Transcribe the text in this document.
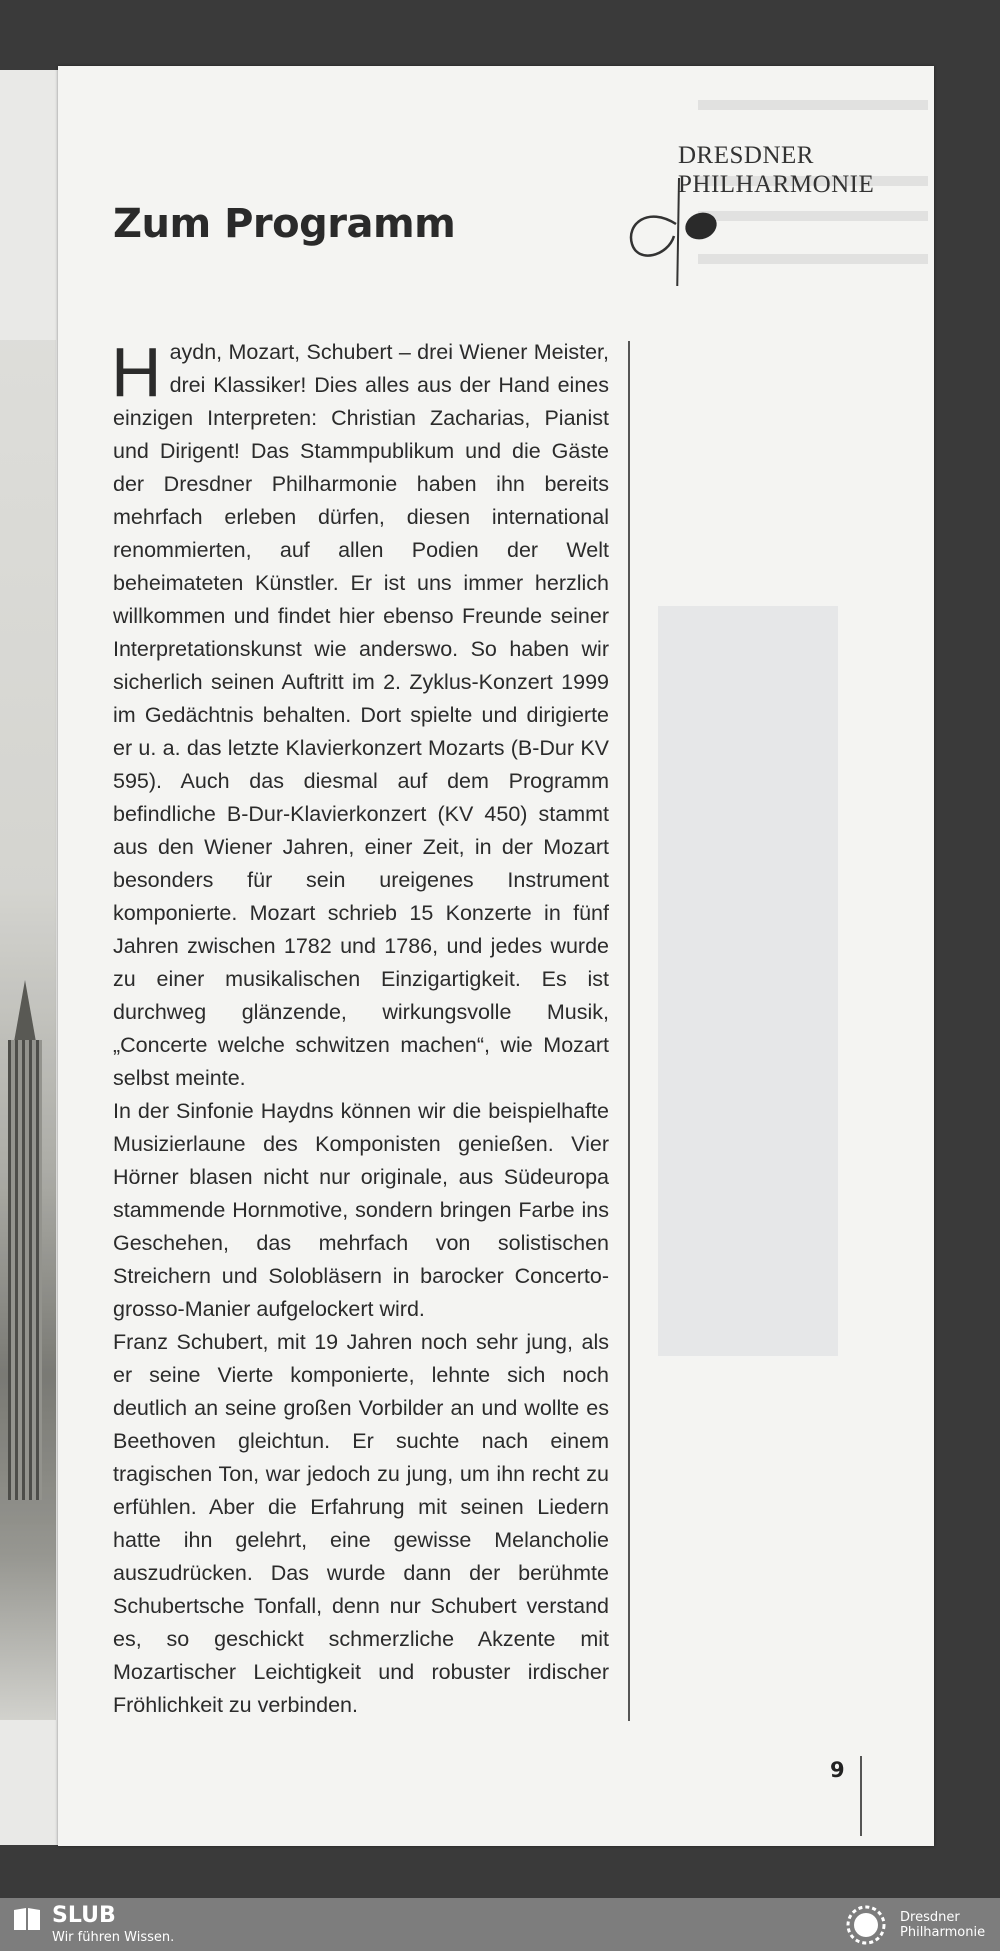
DRESDNER
PHILHARMONIE
Zum Programm

Haydn, Mozart, Schubert – drei Wiener Meister, drei Klassiker! Dies alles aus der Hand eines einzigen Interpreten: Christian Zacharias, Pianist und Dirigent! Das Stammpublikum und die Gäste der Dresdner Philharmonie haben ihn bereits mehrfach erleben dürfen, diesen international renommierten, auf allen Podien der Welt beheimateten Künstler. Er ist uns immer herzlich willkommen und findet hier ebenso Freunde seiner Interpretationskunst wie anderswo. So haben wir sicherlich seinen Auftritt im 2. Zyklus-Konzert 1999 im Gedächtnis behalten. Dort spielte und dirigierte er u. a. das letzte Klavierkonzert Mozarts (B-Dur KV 595). Auch das diesmal auf dem Programm befindliche B-Dur-Klavierkonzert (KV 450) stammt aus den Wiener Jahren, einer Zeit, in der Mozart besonders für sein ureigenes Instrument komponierte. Mozart schrieb 15 Konzerte in fünf Jahren zwischen 1782 und 1786, und jedes wurde zu einer musikalischen Einzigartigkeit. Es ist durchweg glänzende, wirkungsvolle Musik, „Concerte welche schwitzen machen“, wie Mozart selbst meinte.

In der Sinfonie Haydns können wir die beispielhafte Musizierlaune des Komponisten genießen. Vier Hörner blasen nicht nur originale, aus Südeuropa stammende Hornmotive, sondern bringen Farbe ins Geschehen, das mehrfach von solistischen Streichern und Solobläsern in barocker Concerto-grosso-Manier aufgelockert wird.

Franz Schubert, mit 19 Jahren noch sehr jung, als er seine Vierte komponierte, lehnte sich noch deutlich an seine großen Vorbilder an und wollte es Beethoven gleichtun. Er suchte nach einem tragischen Ton, war jedoch zu jung, um ihn recht zu erfühlen. Aber die Erfahrung mit seinen Liedern hatte ihn gelehrt, eine gewisse Melancholie auszudrücken. Das wurde dann der berühmte Schubertsche Tonfall, denn nur Schubert verstand es, so geschickt schmerzliche Akzente mit Mozartischer Leichtigkeit und robuster irdischer Fröhlichkeit zu verbinden.

9
SLUB
Wir führen Wissen.
Dresdner
Philharmonie
